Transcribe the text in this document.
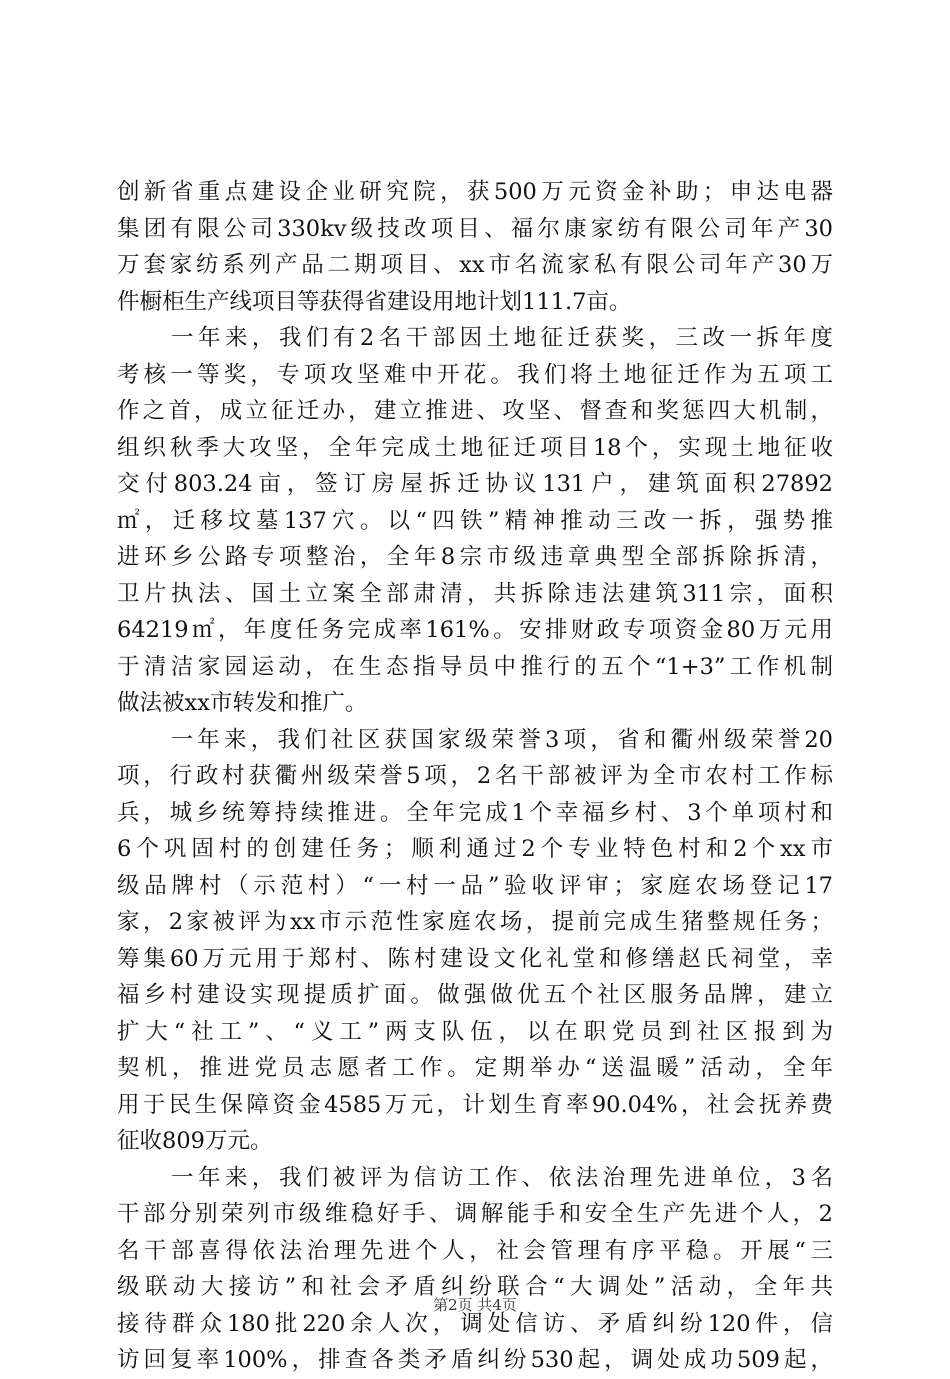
创新省重点建设企业研究院，获500万元资金补助；申达电器
集团有限公司330kv级技改项目、福尔康家纺有限公司年产30
万套家纺系列产品二期项目、xx市名流家私有限公司年产30万
件橱柜生产线项目等获得省建设用地计划111.7亩。
　　一年来，我们有2名干部因土地征迁获奖，三改一拆年度
考核一等奖，专项攻坚难中开花。我们将土地征迁作为五项工
作之首，成立征迁办，建立推进、攻坚、督查和奖惩四大机制，
组织秋季大攻坚，全年完成土地征迁项目18个，实现土地征收
交付803.24亩，签订房屋拆迁协议131户，建筑面积27892
㎡，迁移坟墓137穴。以“四铁”精神推动三改一拆，强势推
进环乡公路专项整治，全年8宗市级违章典型全部拆除拆清，
卫片执法、国土立案全部肃清，共拆除违法建筑311宗，面积
64219㎡，年度任务完成率161%。安排财政专项资金80万元用
于清洁家园运动，在生态指导员中推行的五个“1+3”工作机制
做法被xx市转发和推广。
　　一年来，我们社区获国家级荣誉3项，省和衢州级荣誉20
项，行政村获衢州级荣誉5项，2名干部被评为全市农村工作标
兵，城乡统筹持续推进。全年完成1个幸福乡村、3个单项村和
6个巩固村的创建任务；顺利通过2个专业特色村和2个xx市
级品牌村（示范村）“一村一品”验收评审；家庭农场登记17
家，2家被评为xx市示范性家庭农场，提前完成生猪整规任务；
筹集60万元用于郑村、陈村建设文化礼堂和修缮赵氏祠堂，幸
福乡村建设实现提质扩面。做强做优五个社区服务品牌，建立
扩大“社工”、“义工”两支队伍，以在职党员到社区报到为
契机，推进党员志愿者工作。定期举办“送温暖”活动，全年
用于民生保障资金4585万元，计划生育率90.04%，社会抚养费
征收809万元。
　　一年来，我们被评为信访工作、依法治理先进单位，3名
干部分别荣列市级维稳好手、调解能手和安全生产先进个人，2
名干部喜得依法治理先进个人，社会管理有序平稳。开展“三
级联动大接访”和社会矛盾纠纷联合“大调处”活动，全年共
接待群众180批220余人次，调处信访、矛盾纠纷120件，信
访回复率100%，排查各类矛盾纠纷530起，调处成功509起，
第2页 共4页
